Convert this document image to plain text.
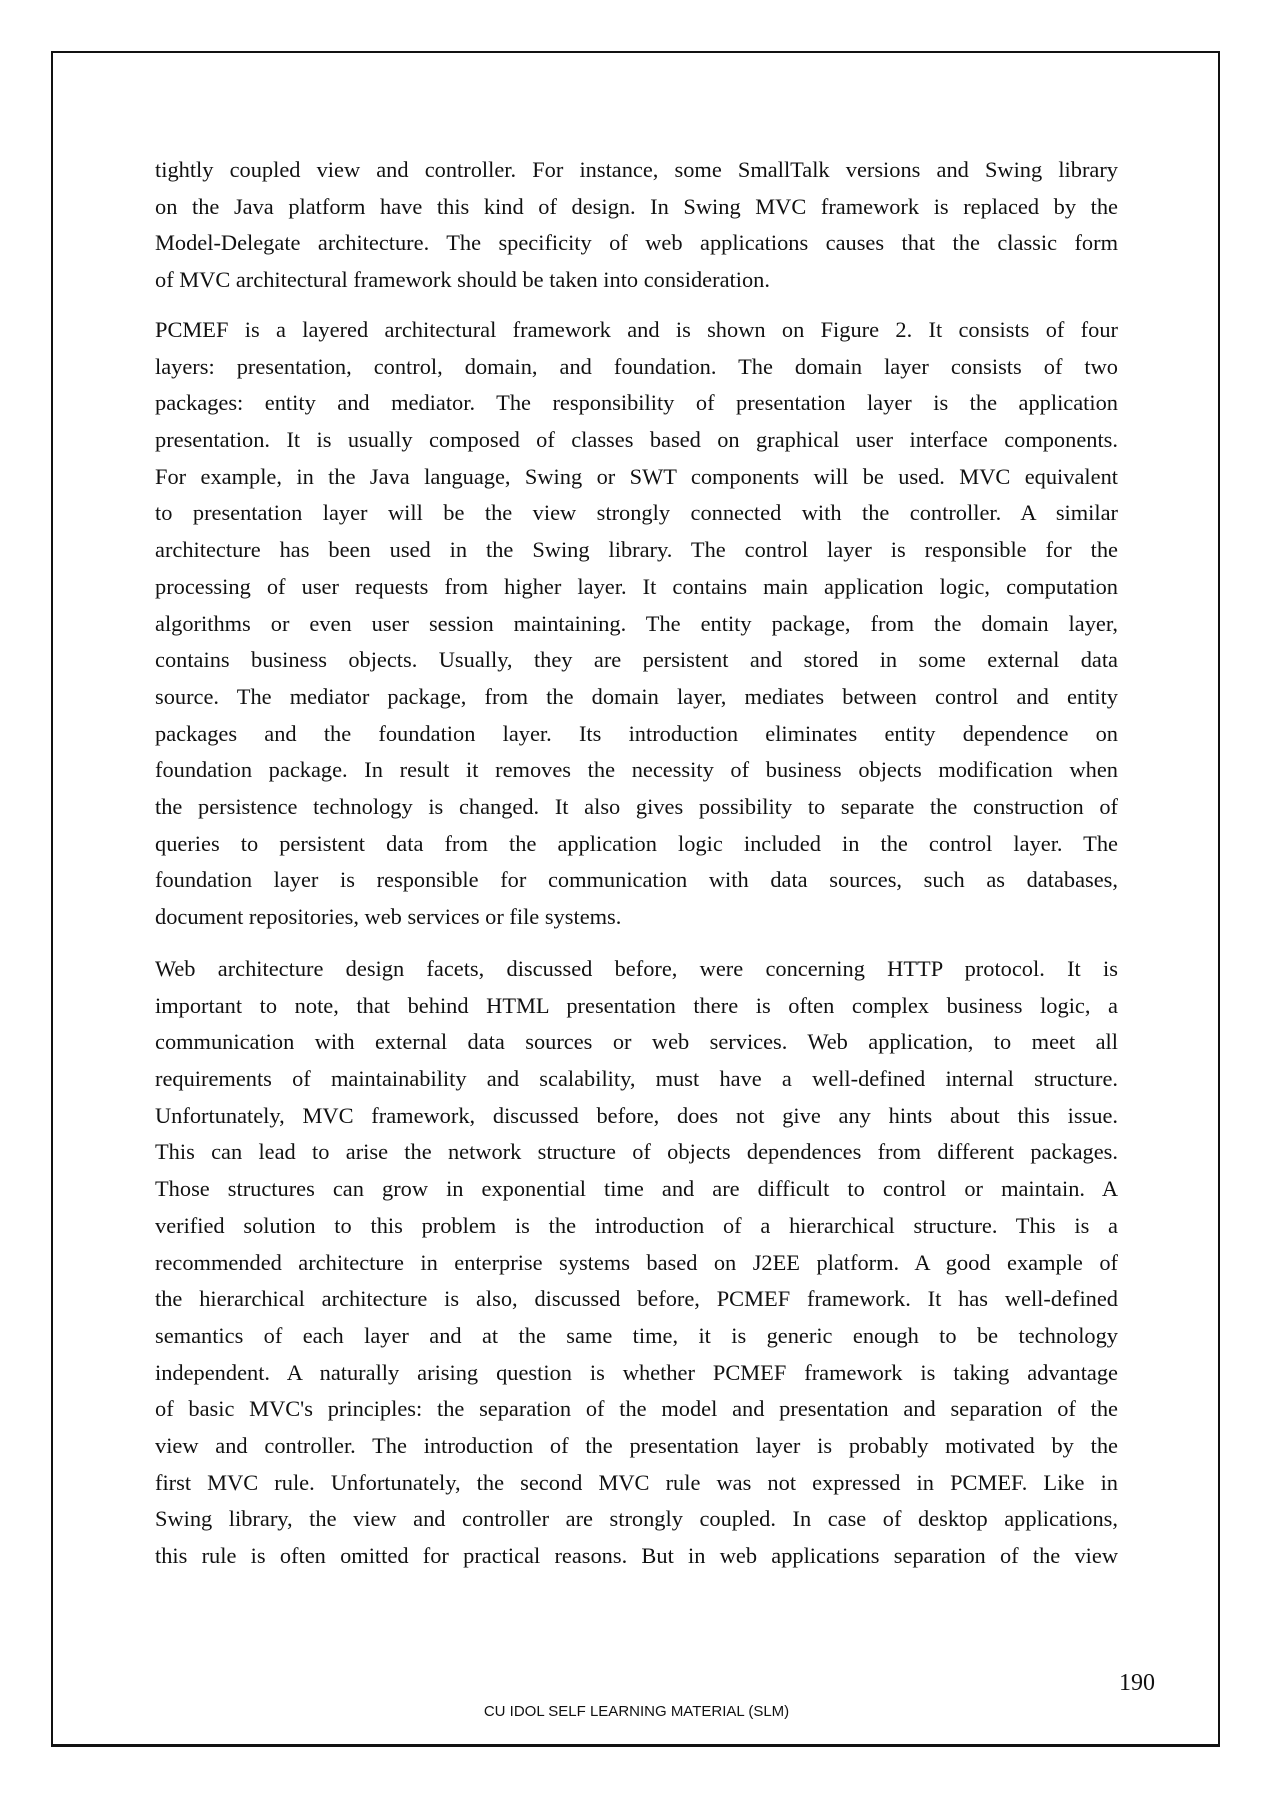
tightly coupled view and controller. For instance, some SmallTalk versions and Swing library
on the Java platform have this kind of design. In Swing MVC framework is replaced by the
Model-Delegate architecture. The specificity of web applications causes that the classic form
of MVC architectural framework should be taken into consideration.
PCMEF is a layered architectural framework and is shown on Figure 2. It consists of four
layers: presentation, control, domain, and foundation. The domain layer consists of two
packages: entity and mediator. The responsibility of presentation layer is the application
presentation. It is usually composed of classes based on graphical user interface components.
For example, in the Java language, Swing or SWT components will be used. MVC equivalent
to presentation layer will be the view strongly connected with the controller. A similar
architecture has been used in the Swing library. The control layer is responsible for the
processing of user requests from higher layer. It contains main application logic, computation
algorithms or even user session maintaining. The entity package, from the domain layer,
contains business objects. Usually, they are persistent and stored in some external data
source. The mediator package, from the domain layer, mediates between control and entity
packages and the foundation layer. Its introduction eliminates entity dependence on
foundation package. In result it removes the necessity of business objects modification when
the persistence technology is changed. It also gives possibility to separate the construction of
queries to persistent data from the application logic included in the control layer. The
foundation layer is responsible for communication with data sources, such as databases,
document repositories, web services or file systems.
Web architecture design facets, discussed before, were concerning HTTP protocol. It is
important to note, that behind HTML presentation there is often complex business logic, a
communication with external data sources or web services. Web application, to meet all
requirements of maintainability and scalability, must have a well-defined internal structure.
Unfortunately, MVC framework, discussed before, does not give any hints about this issue.
This can lead to arise the network structure of objects dependences from different packages.
Those structures can grow in exponential time and are difficult to control or maintain. A
verified solution to this problem is the introduction of a hierarchical structure. This is a
recommended architecture in enterprise systems based on J2EE platform. A good example of
the hierarchical architecture is also, discussed before, PCMEF framework. It has well-defined
semantics of each layer and at the same time, it is generic enough to be technology
independent. A naturally arising question is whether PCMEF framework is taking advantage
of basic MVC's principles: the separation of the model and presentation and separation of the
view and controller. The introduction of the presentation layer is probably motivated by the
first MVC rule. Unfortunately, the second MVC rule was not expressed in PCMEF. Like in
Swing library, the view and controller are strongly coupled. In case of desktop applications,
this rule is often omitted for practical reasons. But in web applications separation of the view
190
CU IDOL SELF LEARNING MATERIAL (SLM)
